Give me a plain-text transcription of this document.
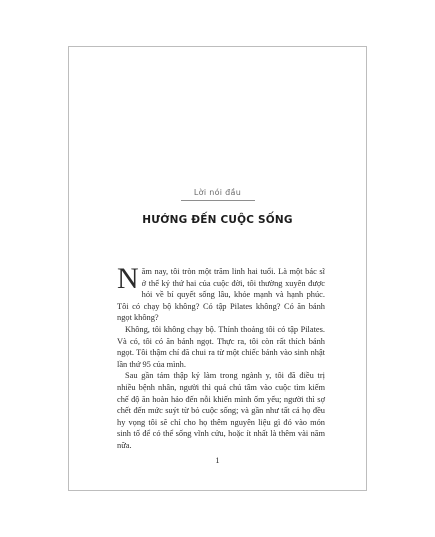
Lời nói đầu
HƯỚNG ĐẾN CUỘC SỐNG

Năm nay, tôi tròn một trăm linh hai tuổi. Là một bác sĩ ở thế kỷ thứ hai của cuộc đời, tôi thường xuyên được hỏi về bí quyết sống lâu, khỏe mạnh và hạnh phúc. Tôi có chạy bộ không? Có tập Pilates không? Có ăn bánh ngọt không?

Không, tôi không chạy bộ. Thỉnh thoảng tôi có tập Pilates. Và có, tôi có ăn bánh ngọt. Thực ra, tôi còn rất thích bánh ngọt. Tôi thậm chí đã chui ra từ một chiếc bánh vào sinh nhật lần thứ 95 của mình.

Sau gần tám thập kỷ làm trong ngành y, tôi đã điều trị nhiều bệnh nhân, người thì quá chú tâm vào cuộc tìm kiếm chế độ ăn hoàn hảo đến nỗi khiến mình ốm yếu; người thì sợ chết đến mức suýt từ bỏ cuộc sống; và gần như tất cả họ đều hy vọng tôi sẽ chỉ cho họ thêm nguyên liệu gì đó vào món sinh tố để có thể sống vĩnh cửu, hoặc ít nhất là thêm vài năm nữa.

1
